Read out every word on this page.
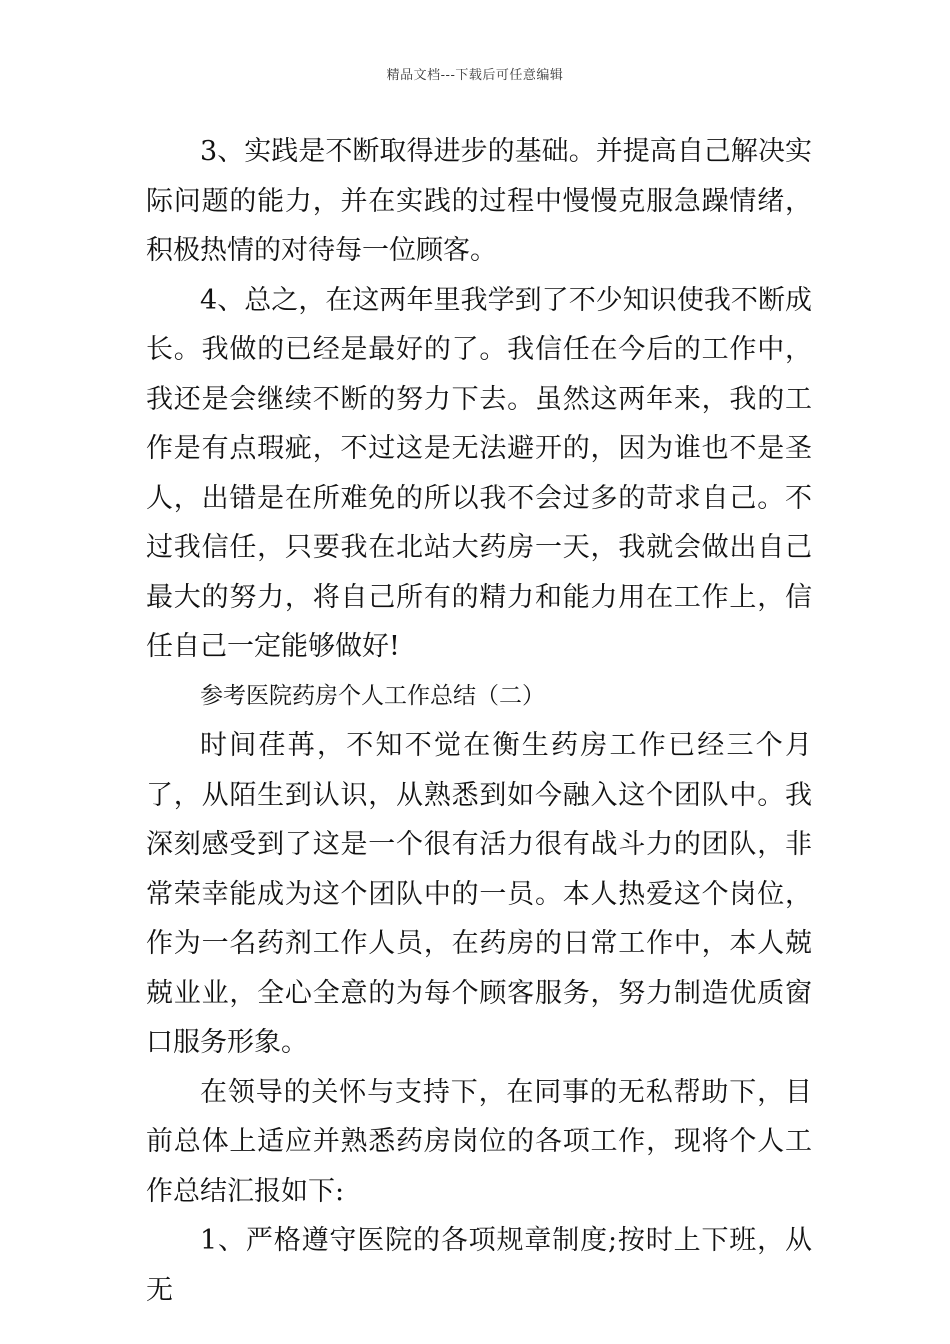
精品文档---下载后可任意编辑

3、实践是不断取得进步的基础。并提高自己解决实际问题的能力，并在实践的过程中慢慢克服急躁情绪，积极热情的对待每一位顾客。

4、总之，在这两年里我学到了不少知识使我不断成长。我做的已经是最好的了。我信任在今后的工作中，我还是会继续不断的努力下去。虽然这两年来，我的工作是有点瑕疵，不过这是无法避开的，因为谁也不是圣人，出错是在所难免的所以我不会过多的苛求自己。不过我信任，只要我在北站大药房一天，我就会做出自己最大的努力，将自己所有的精力和能力用在工作上，信任自己一定能够做好!

参考医院药房个人工作总结（二）

时间荏苒，不知不觉在衡生药房工作已经三个月了，从陌生到认识，从熟悉到如今融入这个团队中。我深刻感受到了这是一个很有活力很有战斗力的团队，非常荣幸能成为这个团队中的一员。本人热爱这个岗位，作为一名药剂工作人员，在药房的日常工作中，本人兢兢业业，全心全意的为每个顾客服务，努力制造优质窗口服务形象。

在领导的关怀与支持下，在同事的无私帮助下，目前总体上适应并熟悉药房岗位的各项工作，现将个人工作总结汇报如下:

1、严格遵守医院的各项规章制度;按时上下班，从无
